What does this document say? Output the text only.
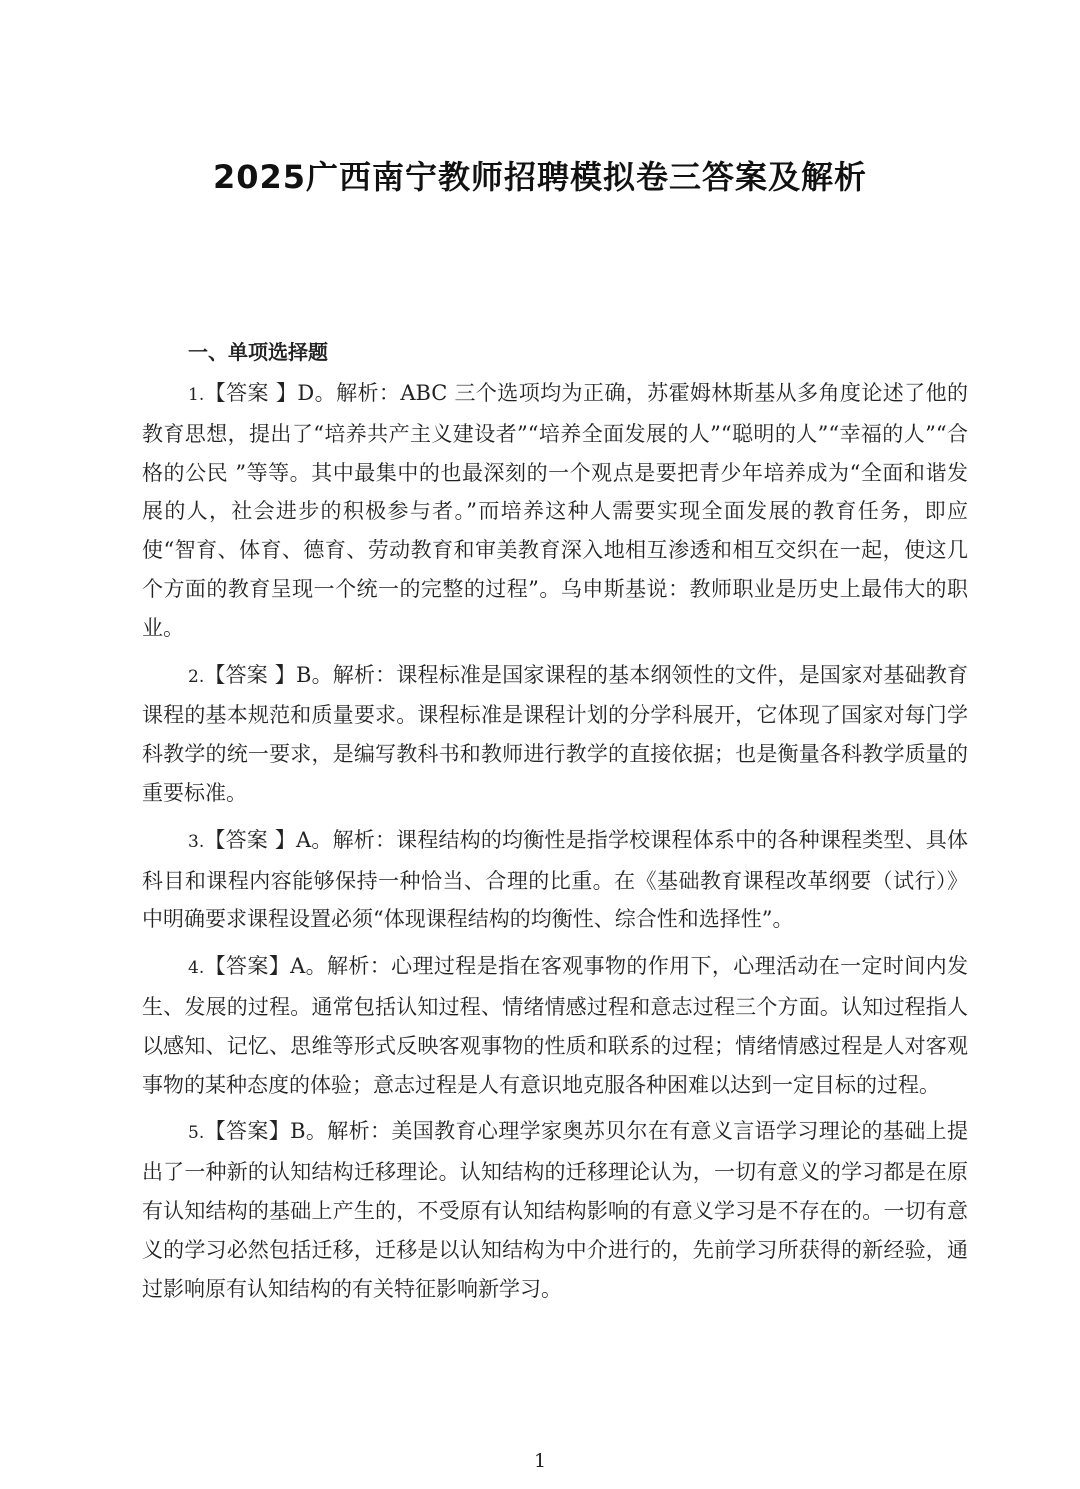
2025广西南宁教师招聘模拟卷三答案及解析
一、单项选择题

1.【答案 】D。解析：ABC 三个选项均为正确，苏霍姆林斯基从多角度论述了他的教育思想，提出了“培养共产主义建设者”“培养全面发展的人”“聪明的人”“幸福的人”“合格的公民 ”等等。其中最集中的也最深刻的一个观点是要把青少年培养成为“全面和谐发展的人，社会进步的积极参与者。”而培养这种人需要实现全面发展的教育任务，即应使“智育、体育、德育、劳动教育和审美教育深入地相互渗透和相互交织在一起，使这几个方面的教育呈现一个统一的完整的过程”。乌申斯基说：教师职业是历史上最伟大的职业。

2.【答案 】B。解析：课程标准是国家课程的基本纲领性的文件，是国家对基础教育课程的基本规范和质量要求。课程标准是课程计划的分学科展开，它体现了国家对每门学科教学的统一要求，是编写教科书和教师进行教学的直接依据；也是衡量各科教学质量的重要标准。

3.【答案 】A。解析：课程结构的均衡性是指学校课程体系中的各种课程类型、具体科目和课程内容能够保持一种恰当、合理的比重。在《基础教育课程改革纲要（试行）》中明确要求课程设置必须“体现课程结构的均衡性、综合性和选择性”。

4.【答案】A。解析：心理过程是指在客观事物的作用下，心理活动在一定时间内发生、发展的过程。通常包括认知过程、情绪情感过程和意志过程三个方面。认知过程指人以感知、记忆、思维等形式反映客观事物的性质和联系的过程；情绪情感过程是人对客观事物的某种态度的体验；意志过程是人有意识地克服各种困难以达到一定目标的过程。

5.【答案】B。解析：美国教育心理学家奥苏贝尔在有意义言语学习理论的基础上提出了一种新的认知结构迁移理论。认知结构的迁移理论认为，一切有意义的学习都是在原有认知结构的基础上产生的，不受原有认知结构影响的有意义学习是不存在的。一切有意义的学习必然包括迁移，迁移是以认知结构为中介进行的，先前学习所获得的新经验，通过影响原有认知结构的有关特征影响新学习。

1
